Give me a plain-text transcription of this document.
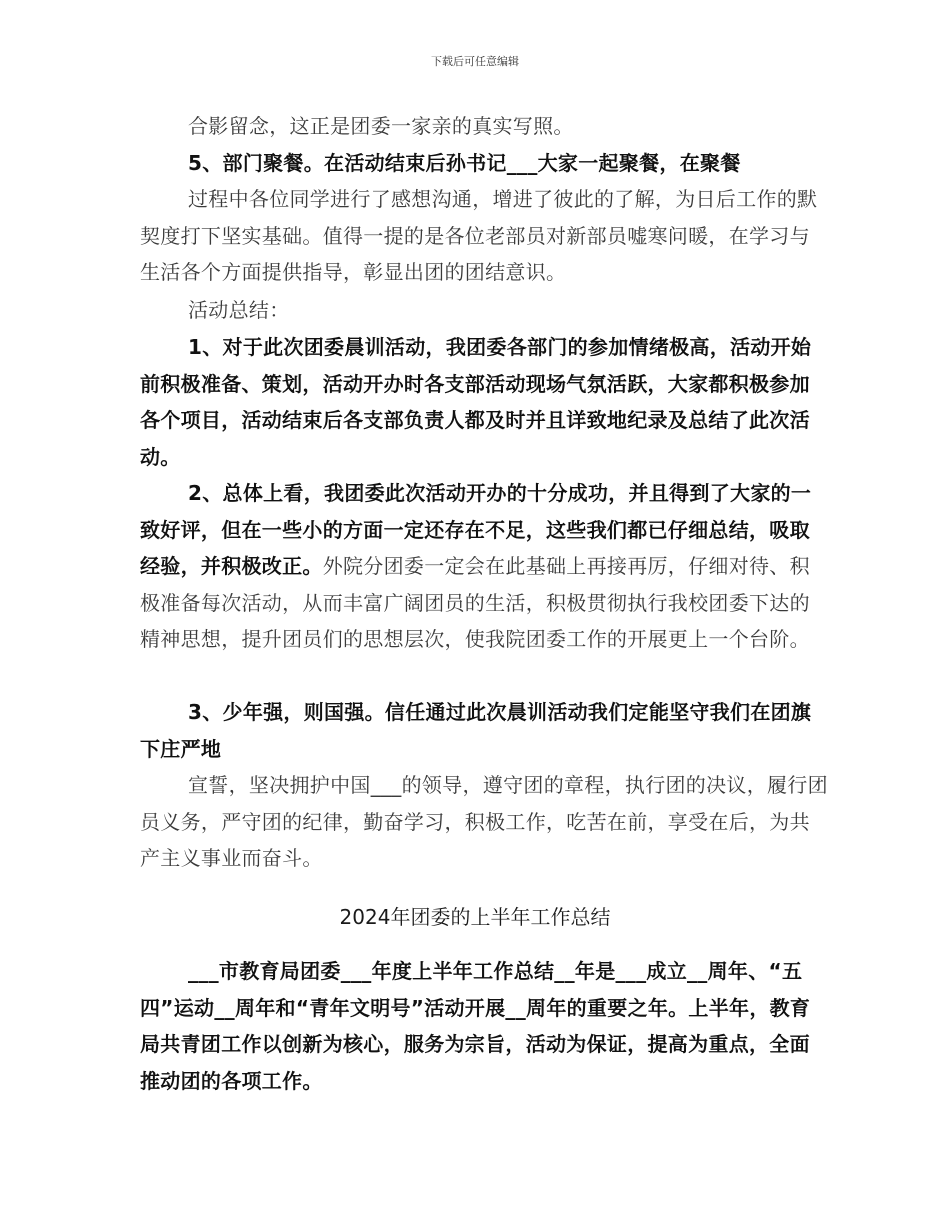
下载后可任意编辑

合影留念，这正是团委一家亲的真实写照。

5、部门聚餐。在活动结束后孙书记___大家一起聚餐，在聚餐

过程中各位同学进行了感想沟通，增进了彼此的了解，为日后工作的默契度打下坚实基础。值得一提的是各位老部员对新部员嘘寒问暖，在学习与生活各个方面提供指导，彰显出团的团结意识。

活动总结：

1、对于此次团委晨训活动，我团委各部门的参加情绪极高，活动开始前积极准备、策划，活动开办时各支部活动现场气氛活跃，大家都积极参加各个项目，活动结束后各支部负责人都及时并且详致地纪录及总结了此次活动。

2、总体上看，我团委此次活动开办的十分成功，并且得到了大家的一致好评，但在一些小的方面一定还存在不足，这些我们都已仔细总结，吸取经验，并积极改正。外院分团委一定会在此基础上再接再厉，仔细对待、积极准备每次活动，从而丰富广阔团员的生活，积极贯彻执行我校团委下达的精神思想，提升团员们的思想层次，使我院团委工作的开展更上一个台阶。

3、少年强，则国强。信任通过此次晨训活动我们定能坚守我们在团旗下庄严地

宣誓，坚决拥护中国___的领导，遵守团的章程，执行团的决议，履行团员义务，严守团的纪律，勤奋学习，积极工作，吃苦在前，享受在后，为共产主义事业而奋斗。

2024年团委的上半年工作总结

___市教育局团委___年度上半年工作总结__年是___成立__周年、“五四”运动__周年和“青年文明号”活动开展__周年的重要之年。上半年，教育局共青团工作以创新为核心，服务为宗旨，活动为保证，提高为重点，全面推动团的各项工作。
